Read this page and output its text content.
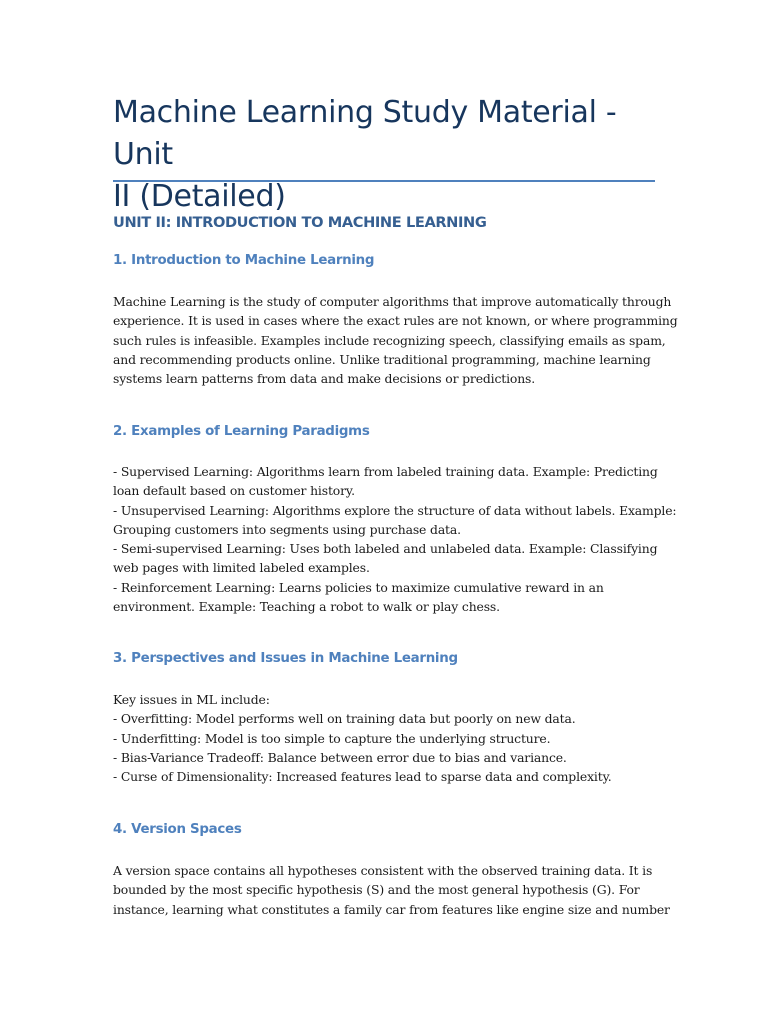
Machine Learning Study Material - Unit
II (Detailed)
UNIT II: INTRODUCTION TO MACHINE LEARNING
1. Introduction to Machine Learning

Machine Learning is the study of computer algorithms that improve automatically through
experience. It is used in cases where the exact rules are not known, or where programming
such rules is infeasible. Examples include recognizing speech, classifying emails as spam,
and recommending products online. Unlike traditional programming, machine learning
systems learn patterns from data and make decisions or predictions.

2. Examples of Learning Paradigms

- Supervised Learning: Algorithms learn from labeled training data. Example: Predicting
loan default based on customer history.
- Unsupervised Learning: Algorithms explore the structure of data without labels. Example:
Grouping customers into segments using purchase data.
- Semi-supervised Learning: Uses both labeled and unlabeled data. Example: Classifying
web pages with limited labeled examples.
- Reinforcement Learning: Learns policies to maximize cumulative reward in an
environment. Example: Teaching a robot to walk or play chess.

3. Perspectives and Issues in Machine Learning

Key issues in ML include:
- Overfitting: Model performs well on training data but poorly on new data.
- Underfitting: Model is too simple to capture the underlying structure.
- Bias-Variance Tradeoff: Balance between error due to bias and variance.
- Curse of Dimensionality: Increased features lead to sparse data and complexity.

4. Version Spaces

A version space contains all hypotheses consistent with the observed training data. It is
bounded by the most specific hypothesis (S) and the most general hypothesis (G). For
instance, learning what constitutes a family car from features like engine size and number
